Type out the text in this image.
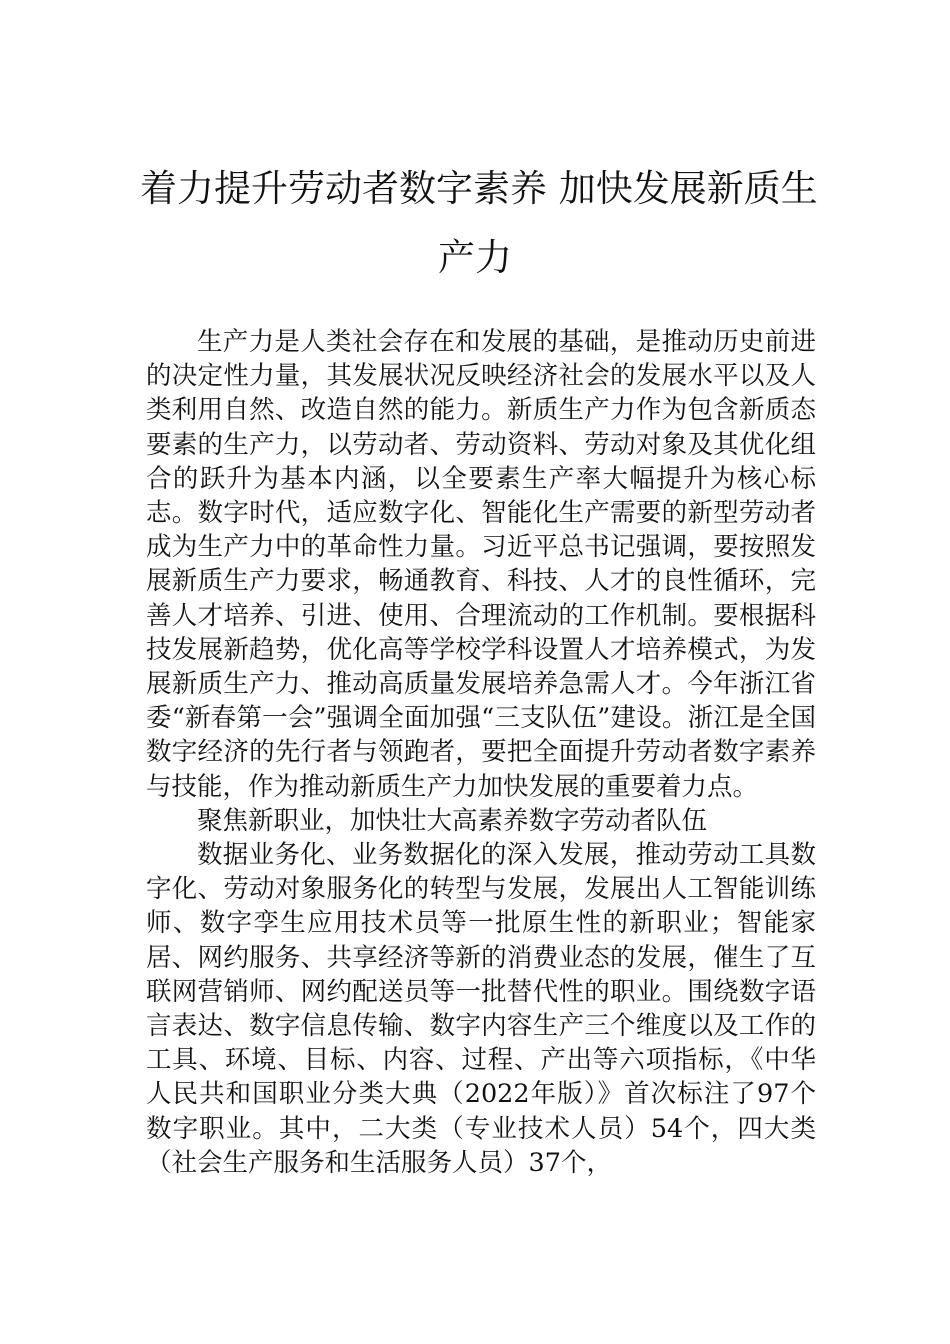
着力提升劳动者数字素养 加快发展新质生
产力

生产力是人类社会存在和发展的基础，是推动历史前进的决定性力量，其发展状况反映经济社会的发展水平以及人类利用自然、改造自然的能力。新质生产力作为包含新质态要素的生产力，以劳动者、劳动资料、劳动对象及其优化组合的跃升为基本内涵，以全要素生产率大幅提升为核心标志。数字时代，适应数字化、智能化生产需要的新型劳动者成为生产力中的革命性力量。习近平总书记强调，要按照发展新质生产力要求，畅通教育、科技、人才的良性循环，完善人才培养、引进、使用、合理流动的工作机制。要根据科技发展新趋势，优化高等学校学科设置人才培养模式，为发展新质生产力、推动高质量发展培养急需人才。今年浙江省委“新春第一会”强调全面加强“三支队伍”建设。浙江是全国数字经济的先行者与领跑者，要把全面提升劳动者数字素养与技能，作为推动新质生产力加快发展的重要着力点。

聚焦新职业，加快壮大高素养数字劳动者队伍

数据业务化、业务数据化的深入发展，推动劳动工具数字化、劳动对象服务化的转型与发展，发展出人工智能训练师、数字孪生应用技术员等一批原生性的新职业；智能家居、网约服务、共享经济等新的消费业态的发展，催生了互联网营销师、网约配送员等一批替代性的职业。围绕数字语言表达、数字信息传输、数字内容生产三个维度以及工作的工具、环境、目标、内容、过程、产出等六项指标，《中华人民共和国职业分类大典（2022年版）》首次标注了97个数字职业。其中，二大类（专业技术人员）54个，四大类（社会生产服务和生活服务人员）37个，
